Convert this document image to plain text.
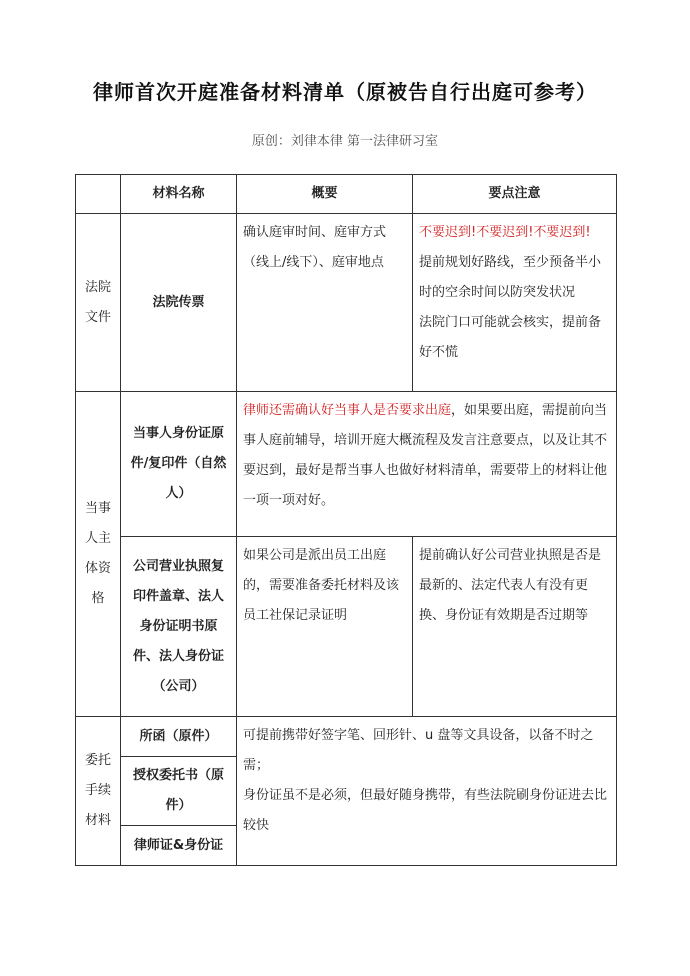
律师首次开庭准备材料清单（原被告自行出庭可参考）
原创：刘律本律 第一法律研习室
	材料名称	概要	要点注意
法院文件	法院传票	确认庭审时间、庭审方式（线上/线下）、庭审地点	不要迟到!不要迟到!不要迟到!
提前规划好路线，至少预备半小时的空余时间以防突发状况
法院门口可能就会核实，提前备好不慌

当事人主体资格	当事人身份证原件/复印件（自然人）	律师还需确认好当事人是否要求出庭，如果要出庭，需提前向当事人庭前辅导，培训开庭大概流程及发言注意要点，以及让其不要迟到，最好是帮当事人也做好材料清单，需要带上的材料让他一项一项对好。	
	公司营业执照复印件盖章、法人身份证明书原件、法人身份证（公司）	如果公司是派出员工出庭的，需要准备委托材料及该员工社保记录证明	提前确认好公司营业执照是否是最新的、法定代表人有没有更换、身份证有效期是否过期等
委托手续材料	所函（原件）	可提前携带好签字笔、回形针、u 盘等文具设备，以备不时之需；
身份证虽不是必须，但最好随身携带，有些法院刷身份证进去比较快	

	授权委托书（原件）		
	律师证&身份证		
